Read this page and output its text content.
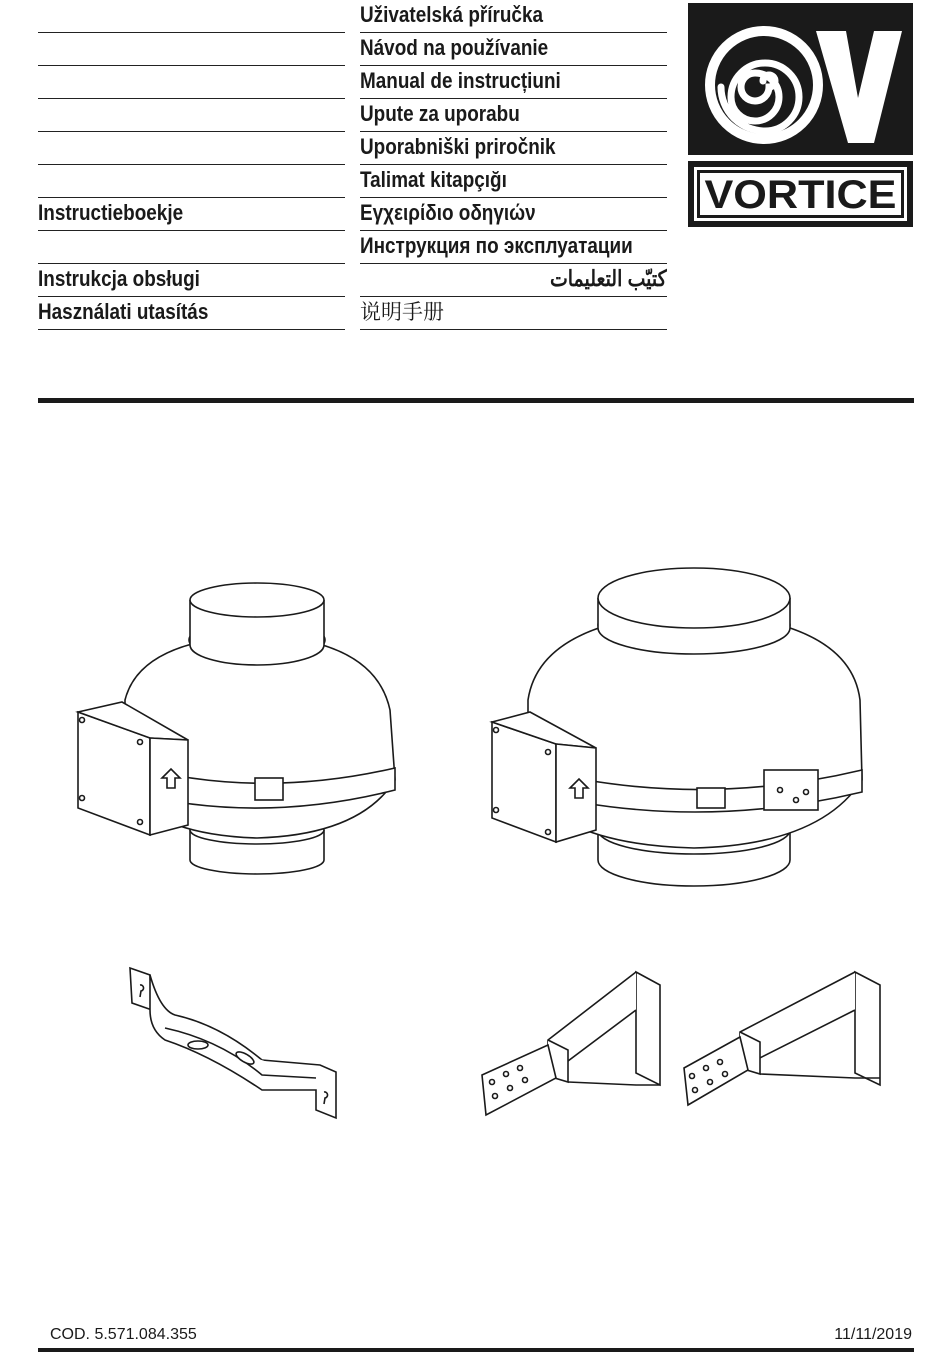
Instructieboekje
Instrukcja obsługi
Használati utasítás
Uživatelská příručka
Návod na používanie
Manual de instrucțiuni
Upute za uporabu
Uporabniški priročnik
Talimat kitapçığı
Εγχειρίδιο οδηγιών
Инструкция по эксплуатации
كتيّب التعليمات
说明手册
VORTICE
COD. 5.571.084.355	11/11/2019
